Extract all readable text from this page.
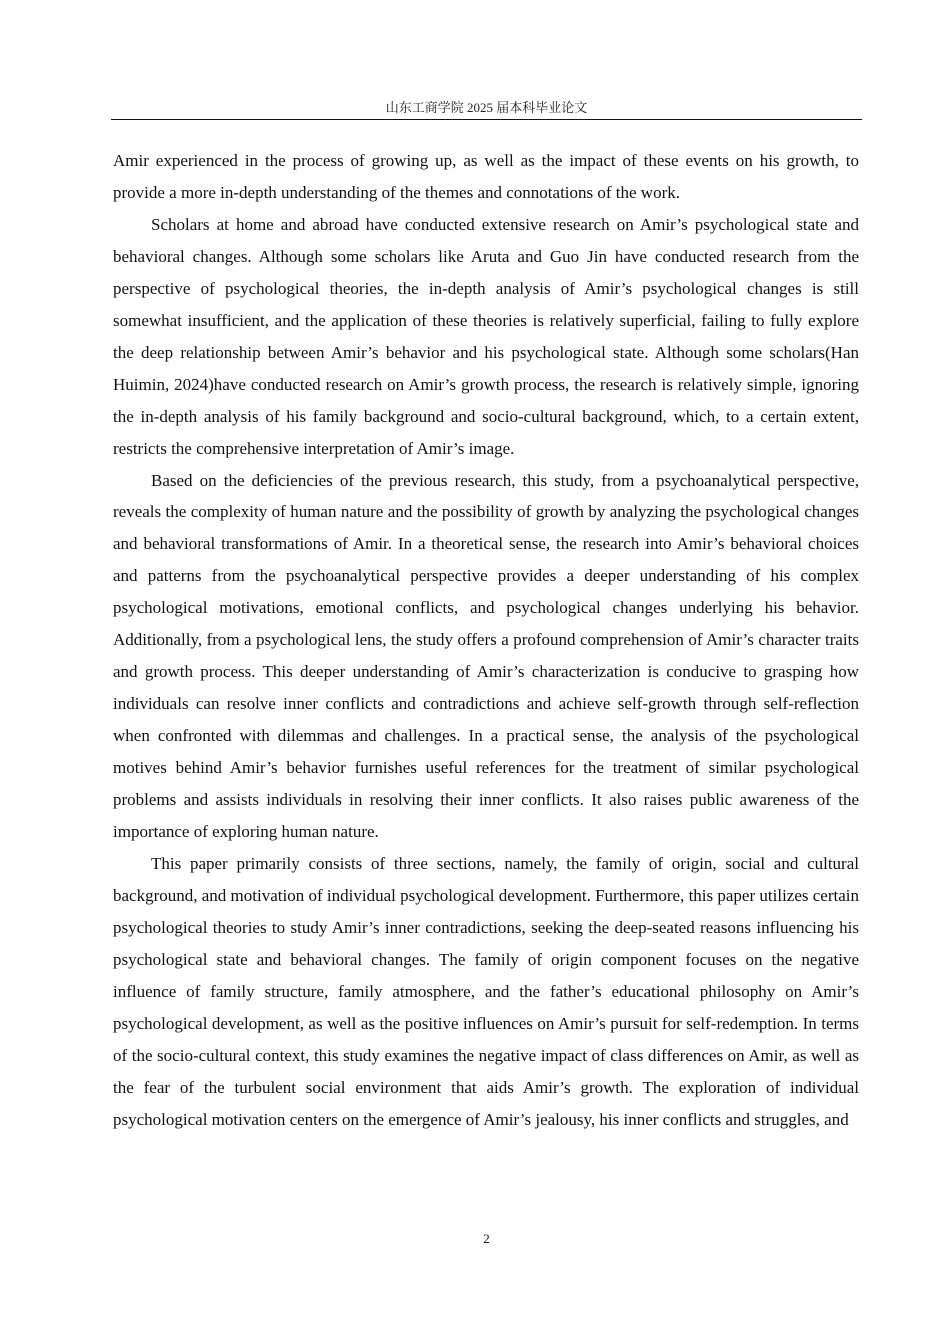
山东工商学院 2025 届本科毕业论文

Amir experienced in the process of growing up, as well as the impact of these events on his growth, to provide a more in-depth understanding of the themes and connotations of the work.

Scholars at home and abroad have conducted extensive research on Amir’s psychological state and behavioral changes. Although some scholars like Aruta and Guo Jin have conducted research from the perspective of psychological theories, the in-depth analysis of Amir’s psychological changes is still somewhat insufficient, and the application of these theories is relatively superficial, failing to fully explore the deep relationship between Amir’s behavior and his psychological state. Although some scholars(Han Huimin, 2024)have conducted research on Amir’s growth process, the research is relatively simple, ignoring the in-depth analysis of his family background and socio-cultural background, which, to a certain extent, restricts the comprehensive interpretation of Amir’s image.

Based on the deficiencies of the previous research, this study, from a psychoanalytical perspective, reveals the complexity of human nature and the possibility of growth by analyzing the psychological changes and behavioral transformations of Amir. In a theoretical sense, the research into Amir’s behavioral choices and patterns from the psychoanalytical perspective provides a deeper understanding of his complex psychological motivations, emotional conflicts, and psychological changes underlying his behavior. Additionally, from a psychological lens, the study offers a profound comprehension of Amir’s character traits and growth process. This deeper understanding of Amir’s characterization is conducive to grasping how individuals can resolve inner conflicts and contradictions and achieve self-growth through self-reflection when confronted with dilemmas and challenges. In a practical sense, the analysis of the psychological motives behind Amir’s behavior furnishes useful references for the treatment of similar psychological problems and assists individuals in resolving their inner conflicts. It also raises public awareness of the importance of exploring human nature.

This paper primarily consists of three sections, namely, the family of origin, social and cultural background, and motivation of individual psychological development. Furthermore, this paper utilizes certain psychological theories to study Amir’s inner contradictions, seeking the deep-seated reasons influencing his psychological state and behavioral changes. The family of origin component focuses on the negative influence of family structure, family atmosphere, and the father’s educational philosophy on Amir’s psychological development, as well as the positive influences on Amir’s pursuit for self-redemption. In terms of the socio-cultural context, this study examines the negative impact of class differences on Amir, as well as the fear of the turbulent social environment that aids Amir’s growth. The exploration of individual psychological motivation centers on the emergence of Amir’s jealousy, his inner conflicts and struggles, and

2
